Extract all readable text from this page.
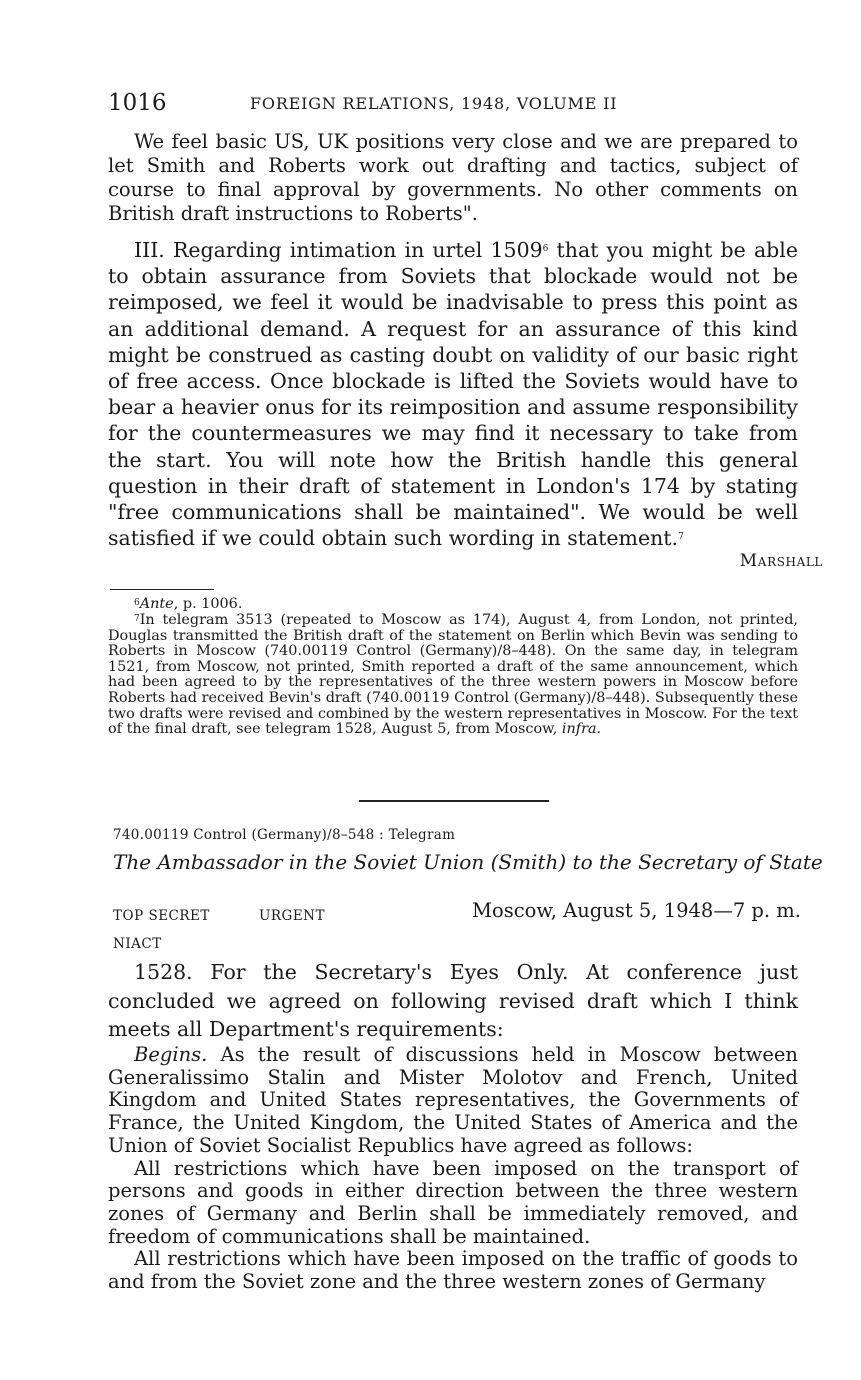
1016	FOREIGN RELATIONS, 1948, VOLUME II

We feel basic US, UK positions very close and we are prepared to let Smith and Roberts work out drafting and tactics, subject of course to final approval by governments. No other comments on British draft instructions to Roberts".

III. Regarding intimation in urtel 1509$^6$ that you might be able to obtain assurance from Soviets that blockade would not be reimposed, we feel it would be inadvisable to press this point as an additional demand. A request for an assurance of this kind might be construed as casting doubt on validity of our basic right of free access. Once blockade is lifted the Soviets would have to bear a heavier onus for its reimposition and assume responsibility for the countermeasures we may find it necessary to take from the start. You will note how the British handle this general question in their draft of statement in London's 174 by stating "free communications shall be maintained". We would be well satisfied if we could obtain such wording in statement.$^7$

Marshall
$^6$Ante, p. 1006.
$^7$In telegram 3513 (repeated to Moscow as 174), August 4, from London, not printed, Douglas transmitted the British draft of the statement on Berlin which Bevin was sending to Roberts in Moscow (740.00119 Control (Germany)/8–448). On the same day, in telegram 1521, from Moscow, not printed, Smith reported a draft of the same announcement, which had been agreed to by the representatives of the three western powers in Moscow before Roberts had received Bevin's draft (740.00119 Control (Germany)/8–448). Subsequently these two drafts were revised and combined by the western representatives in Moscow. For the text of the final draft, see telegram 1528, August 5, from Moscow, infra.
740.00119 Control (Germany)/8–548 : Telegram
The Ambassador in the Soviet Union (Smith) to the Secretary of State
TOP SECRET	URGENT	Moscow, August 5, 1948—7 p. m.
NIACT

1528. For the Secretary's Eyes Only. At conference just concluded we agreed on following revised draft which I think meets all Department's requirements:

Begins. As the result of discussions held in Moscow between Generalissimo Stalin and Mister Molotov and French, United Kingdom and United States representatives, the Governments of France, the United Kingdom, the United States of America and the Union of Soviet Socialist Republics have agreed as follows:
All restrictions which have been imposed on the transport of persons and goods in either direction between the three western zones of Germany and Berlin shall be immediately removed, and freedom of communications shall be maintained.
All restrictions which have been imposed on the traffic of goods to and from the Soviet zone and the three western zones of Germany
